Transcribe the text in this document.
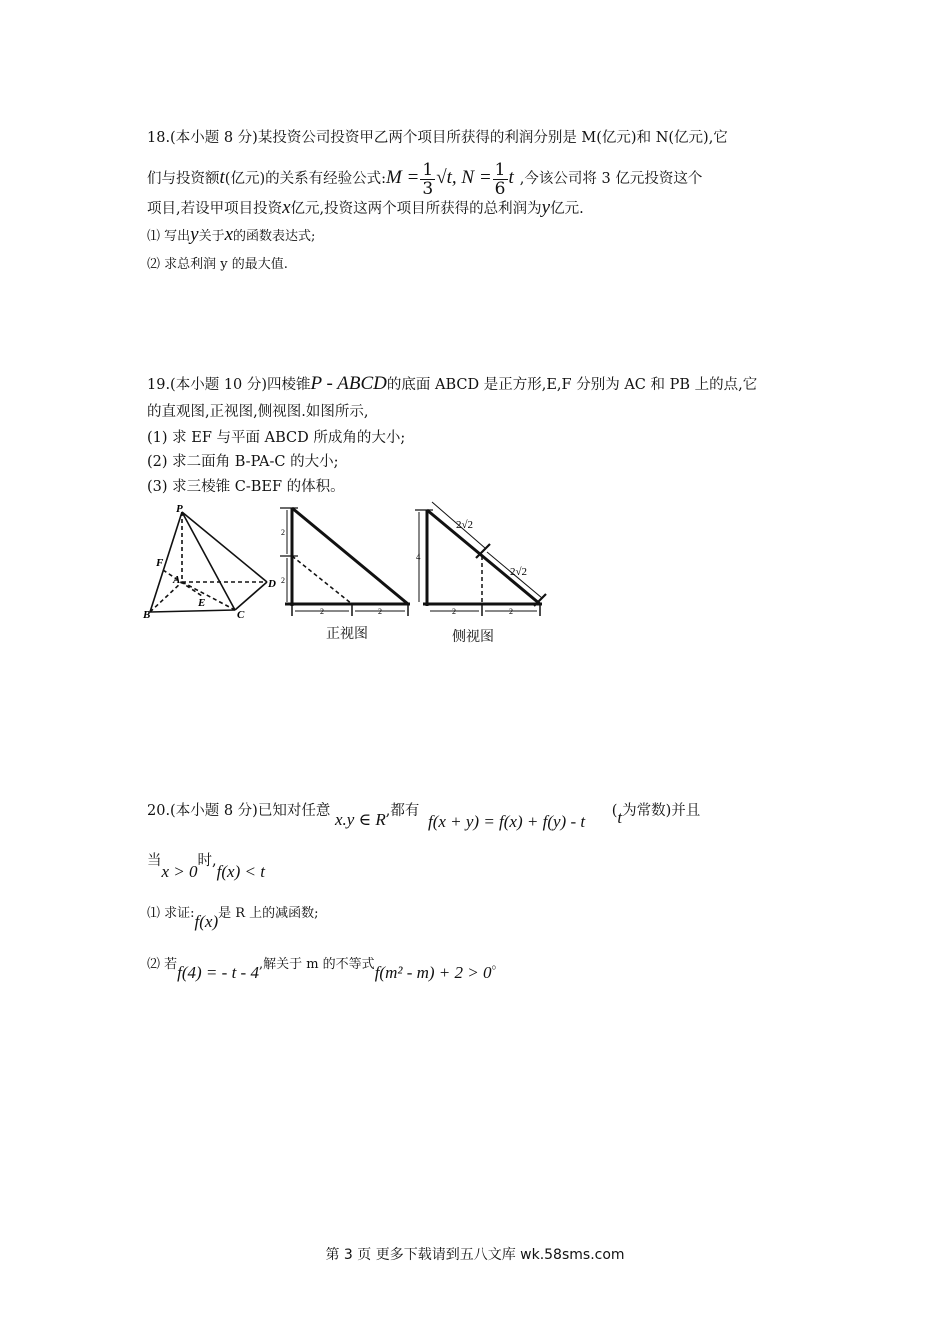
18.(本小题 8 分)某投资公司投资甲乙两个项目所获得的利润分别是 M(亿元)和 N(亿元),它
们与投资额t(亿元)的关系有经验公式:M = $\frac{1}{3} √t$, $N = \frac{1}{6}$ t ,今该公司将 3 亿元投资这个
项目,若设甲项目投资x亿元,投资这两个项目所获得的总利润为y亿元.
⑴ 写出y关于x的函数表达式;
⑵ 求总利润 y 的最大值.
19.(本小题 10 分)四棱锥P - ABCD的底面 ABCD 是正方形,E,F 分别为 AC 和 PB 上的点,它
的直观图,正视图,侧视图.如图所示,
(1) 求 EF 与平面 ABCD 所成角的大小;
(2) 求二面角 B-PA-C 的大小;
(3) 求三棱锥 C-BEF 的体积。
P
F
A	D
E
B	C
2
2
2	2
4
2√2
2√2
2	2
正视图	侧视图
20.(本小题 8 分)已知对任意 x.y ∈ R,都有 f(x + y) = f(x) + f(y) - t (t为常数)并且
当x > 0时,f(x) < t
⑴ 求证:f(x)是 R 上的减函数;
⑵ 若f(4) = - t - 4,解关于 m 的不等式f(m² - m) + 2 > 0。
第 3 页 更多下载请到五八文库 wk.58sms.com
